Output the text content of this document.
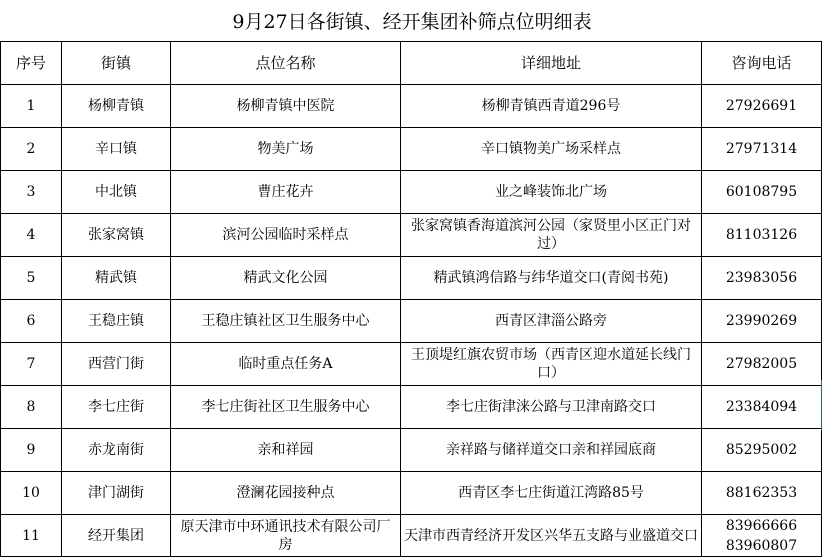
9月27日各街镇、经开集团补筛点位明细表
序号	街镇	点位名称	详细地址	咨询电话
1	杨柳青镇	杨柳青镇中医院	杨柳青镇西青道296号	27926691
2	辛口镇	物美广场	辛口镇物美广场采样点	27971314
3	中北镇	曹庄花卉	业之峰装饰北广场	60108795
4	张家窝镇	滨河公园临时采样点	张家窝镇香海道滨河公园（家贤里小区正门对过）	81103126
5	精武镇	精武文化公园	精武镇鸿信路与纬华道交口(青阅书苑)	23983056
6	王稳庄镇	王稳庄镇社区卫生服务中心	西青区津淄公路旁	23990269
7	西营门街	临时重点任务A	王顶堤红旗农贸市场（西青区迎水道延长线门口）	27982005
8	李七庄街	李七庄街社区卫生服务中心	李七庄街津涞公路与卫津南路交口	23384094
9	赤龙南街	亲和祥园	亲祥路与储祥道交口亲和祥园底商	85295002
10	津门湖街	澄澜花园接种点	西青区李七庄街道江湾路85号	88162353
11	经开集团	原天津市中环通讯技术有限公司厂房	天津市西青经济开发区兴华五支路与业盛道交口	83966666
83960807
